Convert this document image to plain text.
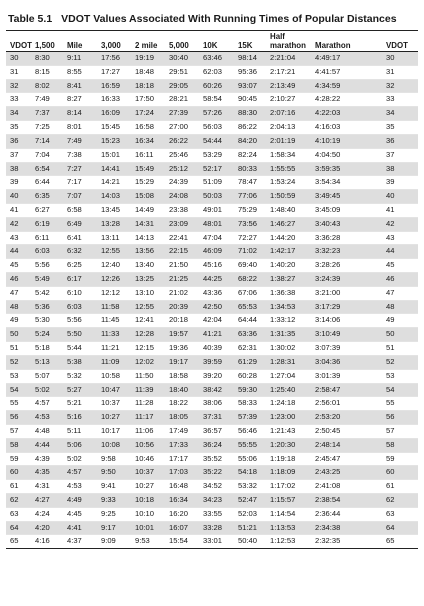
Table 5.1 VDOT Values Associated With Running Times of Popular Distances
VDOT	1,500	Mile	3,000	2 mile	5,000	10K	15K	Half marathon	Marathon	VDOT
30	8:30	9:11	17:56	19:19	30:40	63:46	98:14	2:21:04	4:49:17	30
31	8:15	8:55	17:27	18:48	29:51	62:03	95:36	2:17:21	4:41:57	31
32	8:02	8:41	16:59	18:18	29:05	60:26	93:07	2:13:49	4:34:59	32
33	7:49	8:27	16:33	17:50	28:21	58:54	90:45	2:10:27	4:28:22	33
34	7:37	8:14	16:09	17:24	27:39	57:26	88:30	2:07:16	4:22:03	34
35	7:25	8:01	15:45	16:58	27:00	56:03	86:22	2:04:13	4:16:03	35
36	7:14	7:49	15:23	16:34	26:22	54:44	84:20	2:01:19	4:10:19	36
37	7:04	7:38	15:01	16:11	25:46	53:29	82:24	1:58:34	4:04:50	37
38	6:54	7:27	14:41	15:49	25:12	52:17	80:33	1:55:55	3:59:35	38
39	6:44	7:17	14:21	15:29	24:39	51:09	78:47	1:53:24	3:54:34	39
40	6:35	7:07	14:03	15:08	24:08	50:03	77:06	1:50:59	3:49:45	40
41	6:27	6:58	13:45	14:49	23:38	49:01	75:29	1:48:40	3:45:09	41
42	6:19	6:49	13:28	14:31	23:09	48:01	73:56	1:46:27	3:40:43	42
43	6:11	6:41	13:11	14:13	22:41	47:04	72:27	1:44:20	3:36:28	43
44	6:03	6:32	12:55	13:56	22:15	46:09	71:02	1:42:17	3:32:23	44
45	5:56	6:25	12:40	13:40	21:50	45:16	69:40	1:40:20	3:28:26	45
46	5:49	6:17	12:26	13:25	21:25	44:25	68:22	1:38:27	3:24:39	46
47	5:42	6:10	12:12	13:10	21:02	43:36	67:06	1:36:38	3:21:00	47
48	5:36	6:03	11:58	12:55	20:39	42:50	65:53	1:34:53	3:17:29	48
49	5:30	5:56	11:45	12:41	20:18	42:04	64:44	1:33:12	3:14:06	49
50	5:24	5:50	11:33	12:28	19:57	41:21	63:36	1:31:35	3:10:49	50
51	5:18	5:44	11:21	12:15	19:36	40:39	62:31	1:30:02	3:07:39	51
52	5:13	5:38	11:09	12:02	19:17	39:59	61:29	1:28:31	3:04:36	52
53	5:07	5:32	10:58	11:50	18:58	39:20	60:28	1:27:04	3:01:39	53
54	5:02	5:27	10:47	11:39	18:40	38:42	59:30	1:25:40	2:58:47	54
55	4:57	5:21	10:37	11:28	18:22	38:06	58:33	1:24:18	2:56:01	55
56	4:53	5:16	10:27	11:17	18:05	37:31	57:39	1:23:00	2:53:20	56
57	4:48	5:11	10:17	11:06	17:49	36:57	56:46	1:21:43	2:50:45	57
58	4:44	5:06	10:08	10:56	17:33	36:24	55:55	1:20:30	2:48:14	58
59	4:39	5:02	9:58	10:46	17:17	35:52	55:06	1:19:18	2:45:47	59
60	4:35	4:57	9:50	10:37	17:03	35:22	54:18	1:18:09	2:43:25	60
61	4:31	4:53	9:41	10:27	16:48	34:52	53:32	1:17:02	2:41:08	61
62	4:27	4:49	9:33	10:18	16:34	34:23	52:47	1:15:57	2:38:54	62
63	4:24	4:45	9:25	10:10	16:20	33:55	52:03	1:14:54	2:36:44	63
64	4:20	4:41	9:17	10:01	16:07	33:28	51:21	1:13:53	2:34:38	64
65	4:16	4:37	9:09	9:53	15:54	33:01	50:40	1:12:53	2:32:35	65
